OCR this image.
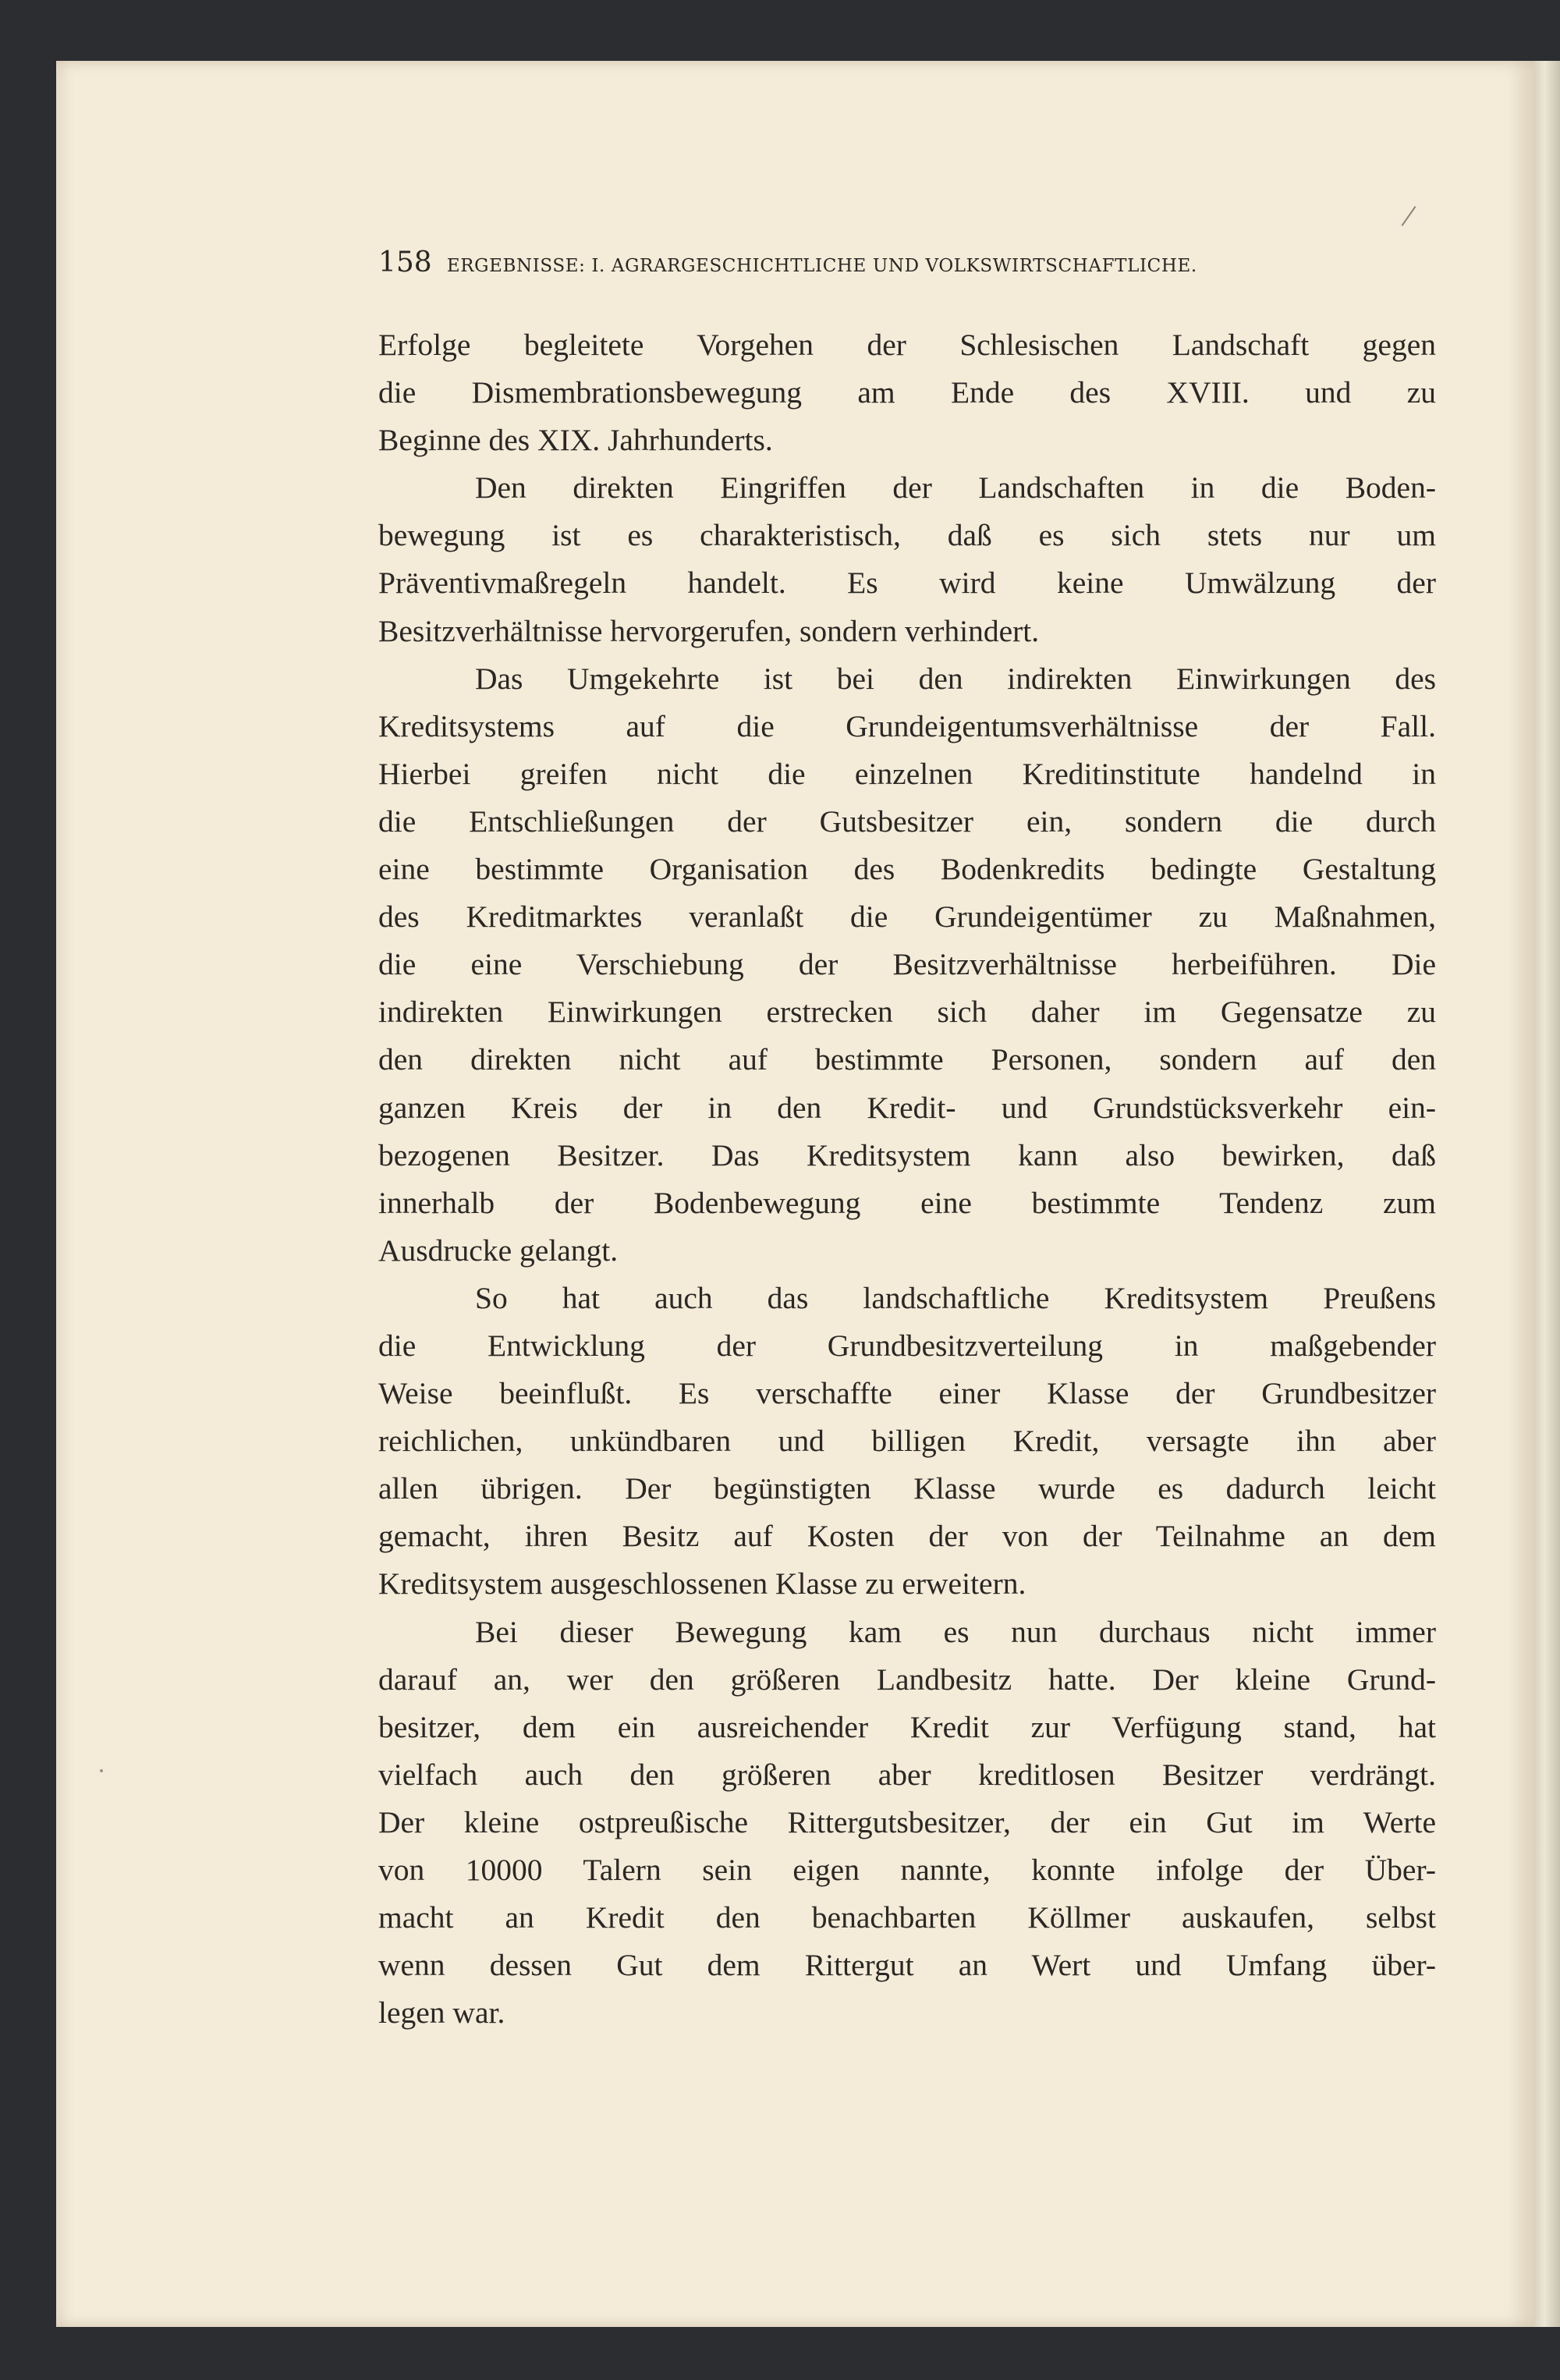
158 ERGEBNISSE: I. AGRARGESCHICHTLICHE UND VOLKSWIRTSCHAFTLICHE.
Erfolge begleitete Vorgehen der Schlesischen Landschaft gegen
die Dismembrationsbewegung am Ende des XVIII. und zu
Beginne des XIX. Jahrhunderts.
Den direkten Eingriffen der Landschaften in die Boden-
bewegung ist es charakteristisch, daß es sich stets nur um
Präventivmaßregeln handelt. Es wird keine Umwälzung der
Besitzverhältnisse hervorgerufen, sondern verhindert.
Das Umgekehrte ist bei den indirekten Einwirkungen des
Kreditsystems auf die Grundeigentumsverhältnisse der Fall.
Hierbei greifen nicht die einzelnen Kreditinstitute handelnd in
die Entschließungen der Gutsbesitzer ein, sondern die durch
eine bestimmte Organisation des Bodenkredits bedingte Gestaltung
des Kreditmarktes veranlaßt die Grundeigentümer zu Maßnahmen,
die eine Verschiebung der Besitzverhältnisse herbeiführen. Die
indirekten Einwirkungen erstrecken sich daher im Gegensatze zu
den direkten nicht auf bestimmte Personen, sondern auf den
ganzen Kreis der in den Kredit- und Grundstücksverkehr ein-
bezogenen Besitzer. Das Kreditsystem kann also bewirken, daß
innerhalb der Bodenbewegung eine bestimmte Tendenz zum
Ausdrucke gelangt.
So hat auch das landschaftliche Kreditsystem Preußens
die Entwicklung der Grundbesitzverteilung in maßgebender
Weise beeinflußt. Es verschaffte einer Klasse der Grundbesitzer
reichlichen, unkündbaren und billigen Kredit, versagte ihn aber
allen übrigen. Der begünstigten Klasse wurde es dadurch leicht
gemacht, ihren Besitz auf Kosten der von der Teilnahme an dem
Kreditsystem ausgeschlossenen Klasse zu erweitern.
Bei dieser Bewegung kam es nun durchaus nicht immer
darauf an, wer den größeren Landbesitz hatte. Der kleine Grund-
besitzer, dem ein ausreichender Kredit zur Verfügung stand, hat
vielfach auch den größeren aber kreditlosen Besitzer verdrängt.
Der kleine ostpreußische Rittergutsbesitzer, der ein Gut im Werte
von 10000 Talern sein eigen nannte, konnte infolge der Über-
macht an Kredit den benachbarten Köllmer auskaufen, selbst
wenn dessen Gut dem Rittergut an Wert und Umfang über-
legen war.
